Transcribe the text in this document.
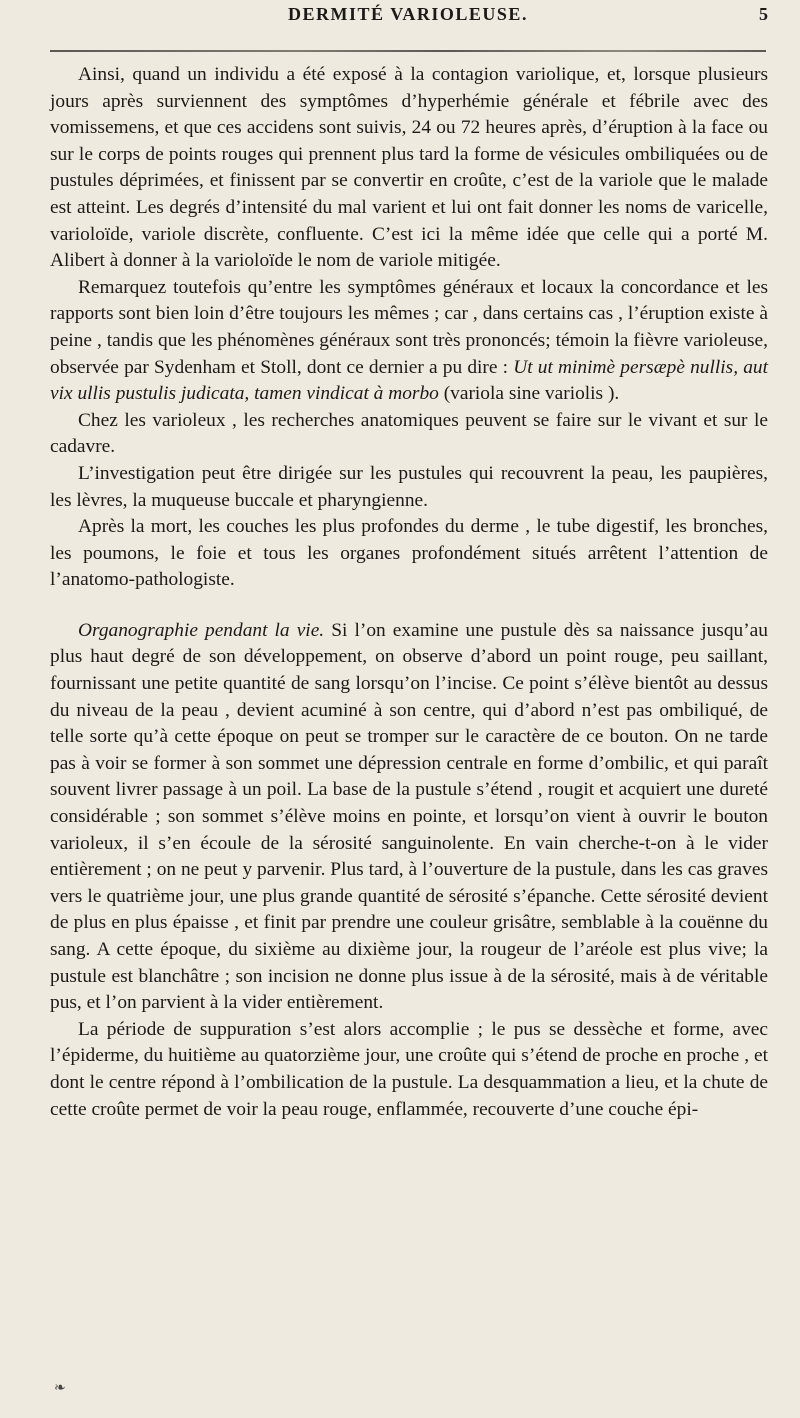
DERMITÉ VARIOLEUSE.	5

Ainsi, quand un individu a été exposé à la contagion variolique, et, lorsque plusieurs jours après surviennent des symptômes d’hyperhémie générale et fébrile avec des vomissemens, et que ces accidens sont suivis, 24 ou 72 heures après, d’éruption à la face ou sur le corps de points rouges qui prennent plus tard la forme de vésicules ombiliquées ou de pustules déprimées, et finissent par se convertir en croûte, c’est de la variole que le malade est atteint. Les degrés d’intensité du mal varient et lui ont fait donner les noms de varicelle, varioloïde, variole discrète, confluente. C’est ici la même idée que celle qui a porté M. Alibert à donner à la varioloïde le nom de variole mitigée.

Remarquez toutefois qu’entre les symptômes généraux et locaux la concordance et les rapports sont bien loin d’être toujours les mêmes ; car , dans certains cas , l’éruption existe à peine , tandis que les phénomènes généraux sont très prononcés; témoin la fièvre varioleuse, observée par Sydenham et Stoll, dont ce dernier a pu dire : Ut ut minimè persæpè nullis, aut vix ullis pustulis judicata, tamen vindicat à morbo (variola sine variolis ).

Chez les varioleux , les recherches anatomiques peuvent se faire sur le vivant et sur le cadavre.

L’investigation peut être dirigée sur les pustules qui recouvrent la peau, les paupières, les lèvres, la muqueuse buccale et pharyngienne.

Après la mort, les couches les plus profondes du derme , le tube digestif, les bronches, les poumons, le foie et tous les organes profondément situés arrêtent l’attention de l’anatomo-pathologiste.

Organographie pendant la vie. Si l’on examine une pustule dès sa naissance jusqu’au plus haut degré de son développement, on observe d’abord un point rouge, peu saillant, fournissant une petite quantité de sang lorsqu’on l’incise. Ce point s’élève bientôt au dessus du niveau de la peau , devient acuminé à son centre, qui d’abord n’est pas ombiliqué, de telle sorte qu’à cette époque on peut se tromper sur le caractère de ce bouton. On ne tarde pas à voir se former à son sommet une dépression centrale en forme d’ombilic, et qui paraît souvent livrer passage à un poil. La base de la pustule s’étend , rougit et acquiert une dureté considérable ; son sommet s’élève moins en pointe, et lorsqu’on vient à ouvrir le bouton varioleux, il s’en écoule de la sérosité sanguinolente. En vain cherche-t-on à le vider entièrement ; on ne peut y parvenir. Plus tard, à l’ouverture de la pustule, dans les cas graves vers le quatrième jour, une plus grande quantité de sérosité s’épanche. Cette sérosité devient de plus en plus épaisse , et finit par prendre une couleur grisâtre, semblable à la couënne du sang. A cette époque, du sixième au dixième jour, la rougeur de l’aréole est plus vive; la pustule est blanchâtre ; son incision ne donne plus issue à de la sérosité, mais à de véritable pus, et l’on parvient à la vider entièrement.

La période de suppuration s’est alors accomplie ; le pus se dessèche et forme, avec l’épiderme, du huitième au quatorzième jour, une croûte qui s’étend de proche en proche , et dont le centre répond à l’ombilication de la pustule. La desquammation a lieu, et la chute de cette croûte permet de voir la peau rouge, enflammée, recouverte d’une couche épi-

❧
